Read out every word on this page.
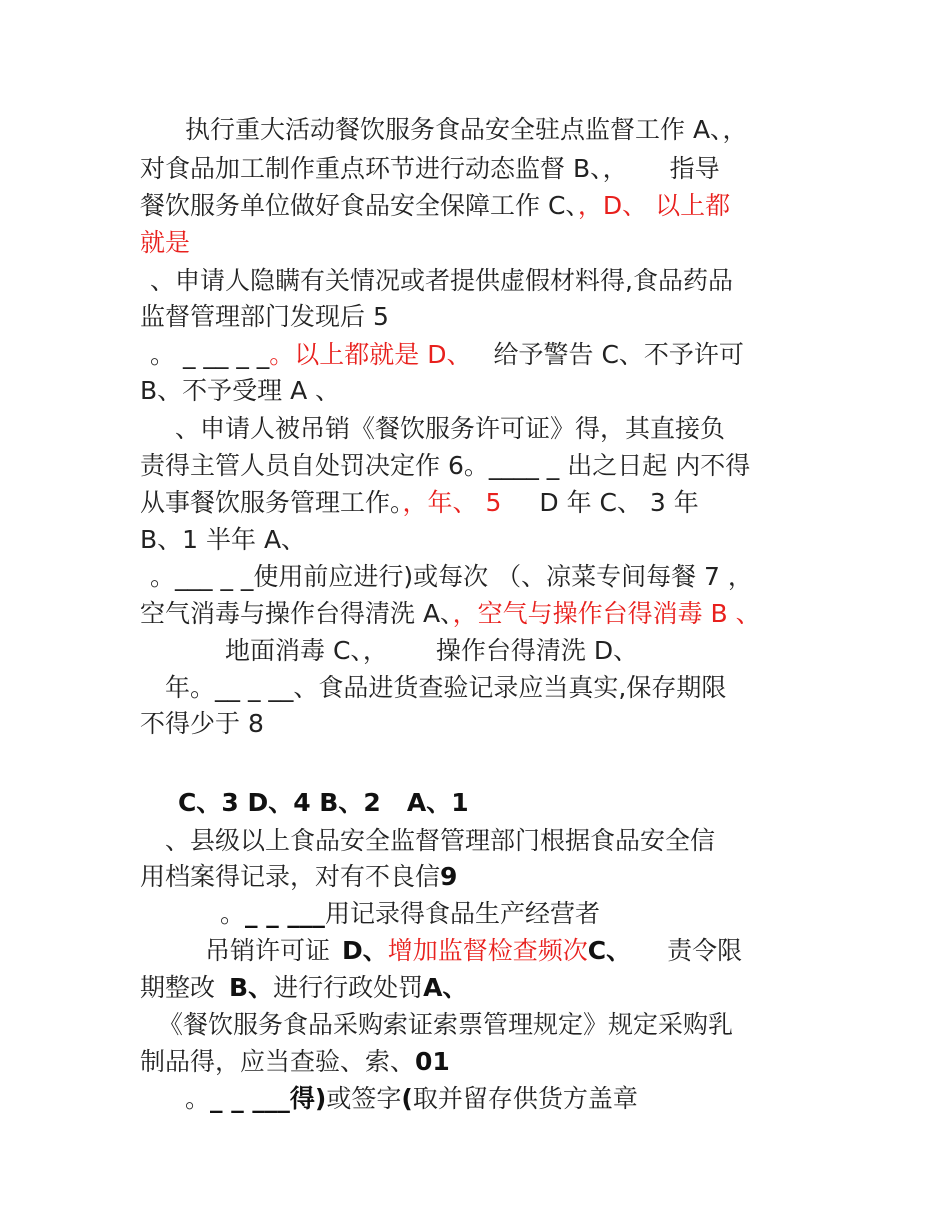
执行重大活动餐饮服务食品安全驻点监督工作 A、，
对食品加工制作重点环节进行动态监督 B、， 指导
餐饮服务单位做好食品安全保障工作 C、，D、 以上都
就是
、申请人隐瞒有关情况或者提供虚假材料得,食品药品
监督管理部门发现后 5
。 _ __ _ _。以上都就是 D、 给予警告 C、不予许可
B、不予受理 A 、
、申请人被吊销《餐饮服务许可证》得，其直接负
责得主管人员自处罚决定作 6。____ _ 出之日起 内不得
从事餐饮服务管理工作。，年、 5 D 年 C、 3 年
B、1 半年 A、
。___ _ _使用前应进行)或每次 （、凉菜专间每餐 7 ，
空气消毒与操作台得清洗 A、，空气与操作台得消毒 B 、
地面消毒 C、， 操作台得清洗 D、
年。__ _ __、食品进货查验记录应当真实,保存期限
不得少于 8
C、3 D、4 B、2   A、1
、县级以上食品安全监督管理部门根据食品安全信
用档案得记录，对有不良信9
。_ _ ___用记录得食品生产经营者
吊销许可证 D、增加监督检查频次C、 责令限
期整改 B、进行行政处罚A、
《餐饮服务食品采购索证索票管理规定》规定采购乳
制品得，应当查验、索、01
。_ _ ___得)或签字(取并留存供货方盖章
